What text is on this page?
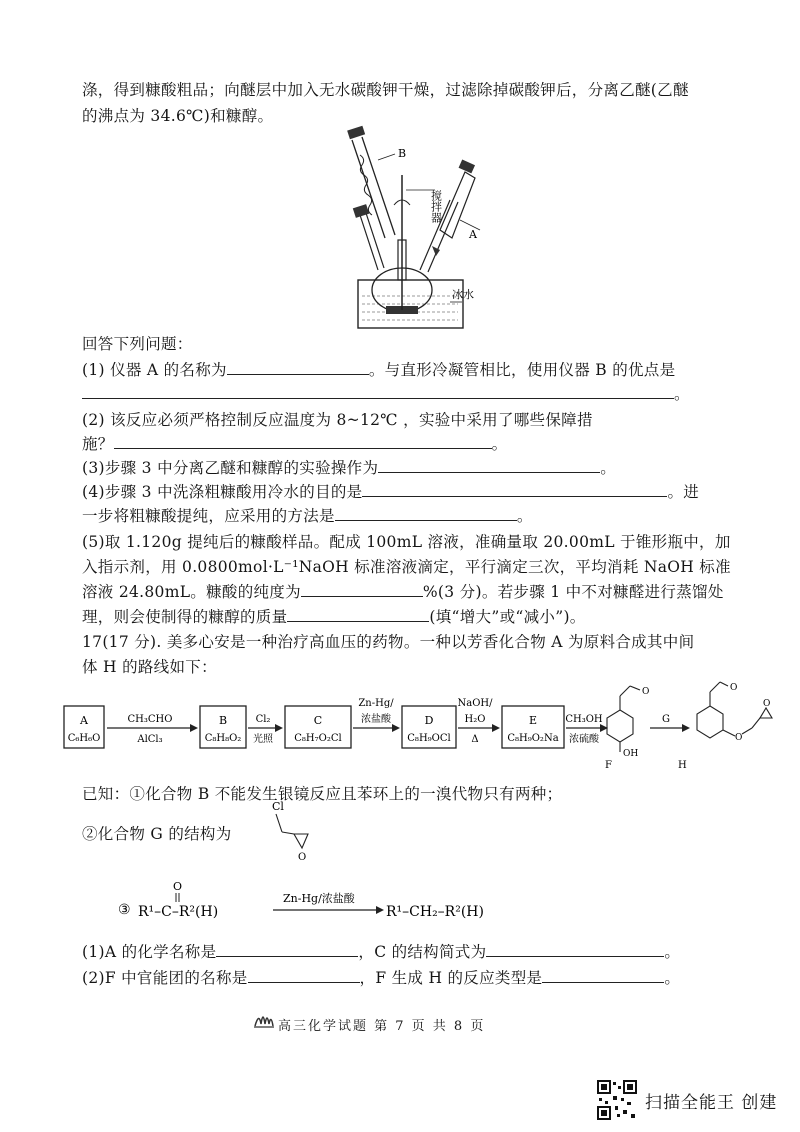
涤，得到糠酸粗品；向醚层中加入无水碳酸钾干燥，过滤除掉碳酸钾后，分离乙醚(乙醚
的沸点为 34.6℃)和糠醇。
B
A
搅拌器
冰水
回答下列问题：
(1) 仪器 A 的名称为	。与直形冷凝管相比，使用仪器 B 的优点是
。
(2) 该反应必须严格控制反应温度为 8~12℃ ，实验中采用了哪些保障措
施？	。
(3)步骤 3 中分离乙醚和糠醇的实验操作为	。
(4)步骤 3 中洗涤粗糠酸用冷水的目的是	。进
一步将粗糠酸提纯，应采用的方法是	。
(5)取 1.120g 提纯后的糠酸样品。配成 100mL 溶液，准确量取 20.00mL 于锥形瓶中，加
入指示剂，用 0.0800mol·L⁻¹NaOH 标准溶液滴定，平行滴定三次，平均消耗 NaOH 标准
溶液 24.80mL。糠酸的纯度为	%(3 分)。若步骤 1 中不对糠醛进行蒸馏处
理，则会使制得的糠醇的质量	(填“增大”或“减小”)。
17(17 分). 美多心安是一种治疗高血压的药物。一种以芳香化合物 A 为原料合成其中间
体 H 的路线如下：
A
C₆H₆O
CH₃CHO
AlCl₃
B
C₈H₈O₂
Cl₂
光照
C
C₈H₇O₂Cl
Zn-Hg/
浓盐酸	D
C₈H₉OCl
NaOH/
H₂O
Δ
E
C₈H₉O₂Na
CH₃OH
浓硫酸
O
OH
F
G
O
O
O
H
已知：①化合物 B 不能发生银镜反应且苯环上的一溴代物只有两种；
②化合物 G 的结构为
Cl
O
③
O
R¹–C–R²(H)
Zn-Hg/浓盐酸
R¹–CH₂–R²(H)
(1)A 的化学名称是	，C 的结构简式为	。
(2)F 中官能团的名称是	，F 生成 H 的反应类型是	。
高三化学试题 第 7 页 共 8 页
扫描全能王 创建
